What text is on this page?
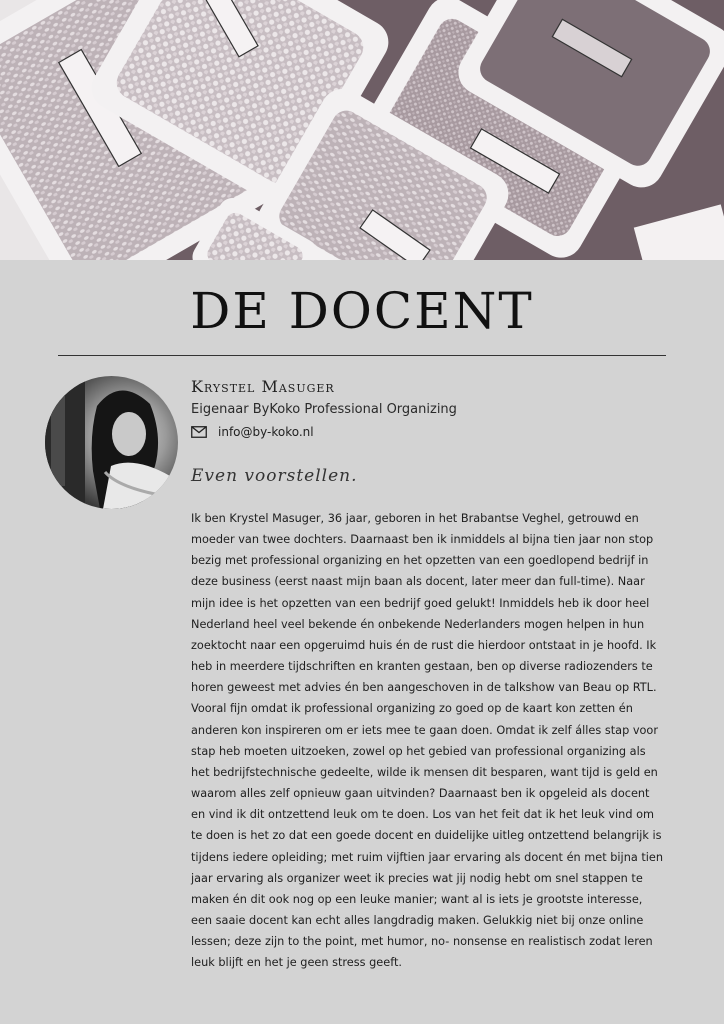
DE DOCENT
Krystel Masuger
Eigenaar ByKoko Professional Organizing
info@by-koko.nl
Even voorstellen.

Ik ben Krystel Masuger, 36 jaar, geboren in het Brabantse Veghel, getrouwd en moeder van twee dochters. Daarnaast ben ik inmiddels al bijna tien jaar non stop bezig met professional organizing en het opzetten van een goedlopend bedrijf in deze business (eerst naast mijn baan als docent, later meer dan full-time). Naar mijn idee is het opzetten van een bedrijf goed gelukt! Inmiddels heb ik door heel Nederland heel veel bekende én onbekende Nederlanders mogen helpen in hun zoektocht naar een opgeruimd huis én de rust die hierdoor ontstaat in je hoofd. Ik heb in meerdere tijdschriften en kranten gestaan, ben op diverse radiozenders te horen geweest met advies én ben aangeschoven in de talkshow van Beau op RTL. Vooral fijn omdat ik professional organizing zo goed op de kaart kon zetten én anderen kon inspireren om er iets mee te gaan doen. Omdat ik zelf álles stap voor stap heb moeten uitzoeken, zowel op het gebied van professional organizing als het bedrijfstechnische gedeelte, wilde ik mensen dit besparen, want tijd is geld en waarom alles zelf opnieuw gaan uitvinden? Daarnaast ben ik opgeleid als docent en vind ik dit ontzettend leuk om te doen. Los van het feit dat ik het leuk vind om te doen is het zo dat een goede docent en duidelijke uitleg ontzettend belangrijk is tijdens iedere opleiding; met ruim vijftien jaar ervaring als docent én met bijna tien jaar ervaring als organizer weet ik precies wat jij nodig hebt om snel stappen te maken én dit ook nog op een leuke manier; want al is iets je grootste interesse, een saaie docent kan echt alles langdradig maken. Gelukkig niet bij onze online lessen; deze zijn to the point, met humor, no- nonsense en realistisch zodat leren leuk blijft en het je geen stress geeft.
